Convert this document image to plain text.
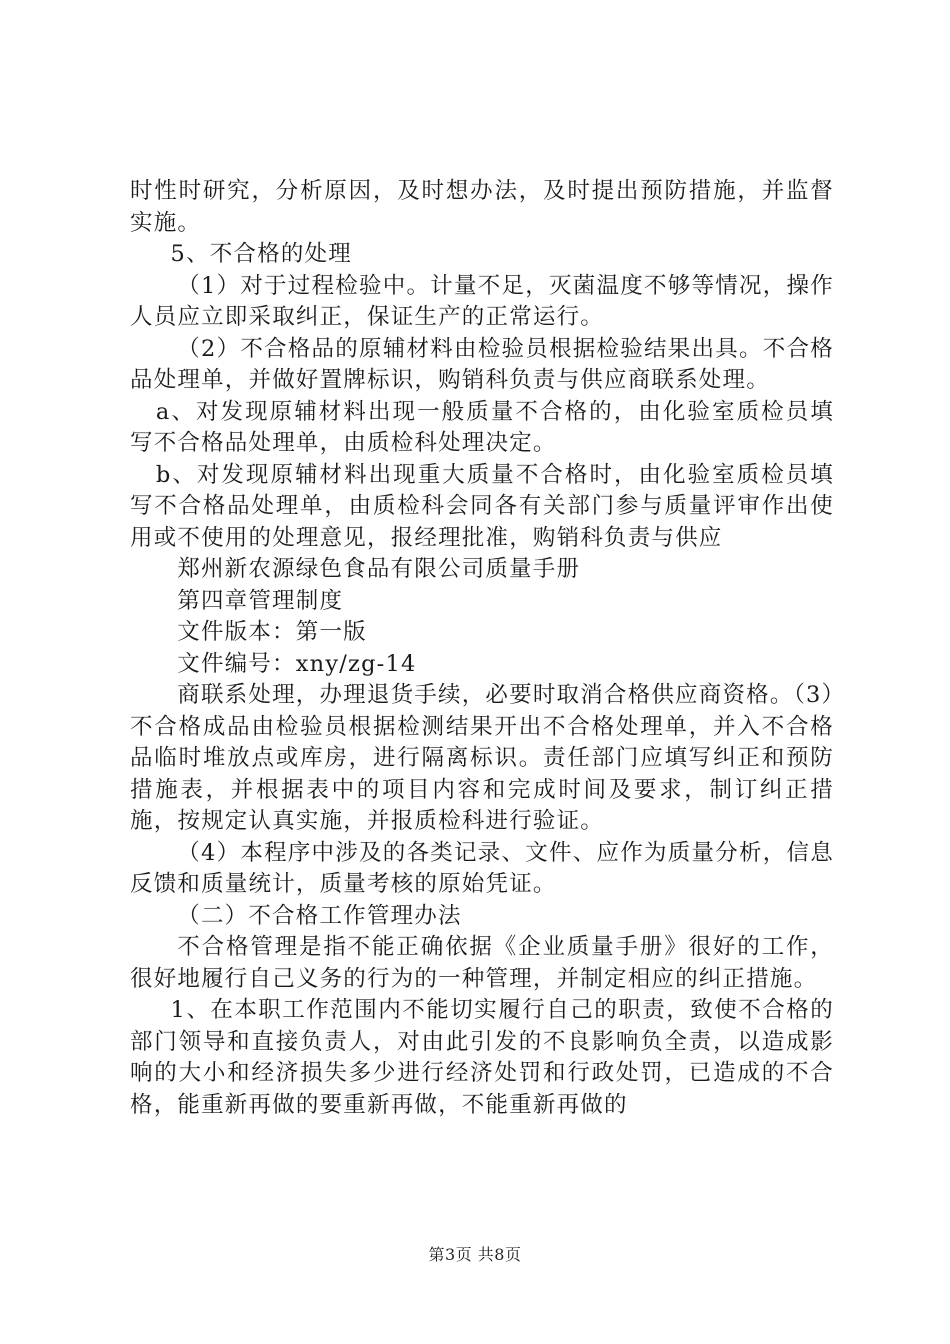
时性时研究，分析原因，及时想办法，及时提出预防措施，并监督实施。

5、不合格的处理

（1）对于过程检验中。计量不足，灭菌温度不够等情况，操作人员应立即采取纠正，保证生产的正常运行。

（2）不合格品的原辅材料由检验员根据检验结果出具。不合格品处理单，并做好置牌标识，购销科负责与供应商联系处理。

a、对发现原辅材料出现一般质量不合格的，由化验室质检员填写不合格品处理单，由质检科处理决定。

b、对发现原辅材料出现重大质量不合格时，由化验室质检员填写不合格品处理单，由质检科会同各有关部门参与质量评审作出使用或不使用的处理意见，报经理批准，购销科负责与供应

郑州新农源绿色食品有限公司质量手册

第四章管理制度

文件版本：第一版

文件编号：xny/zg-14

商联系处理，办理退货手续，必要时取消合格供应商资格。（3）不合格成品由检验员根据检测结果开出不合格处理单，并入不合格品临时堆放点或库房，进行隔离标识。责任部门应填写纠正和预防措施表，并根据表中的项目内容和完成时间及要求，制订纠正措施，按规定认真实施，并报质检科进行验证。

（4）本程序中涉及的各类记录、文件、应作为质量分析，信息反馈和质量统计，质量考核的原始凭证。

（二）不合格工作管理办法

不合格管理是指不能正确依据《企业质量手册》很好的工作，很好地履行自己义务的行为的一种管理，并制定相应的纠正措施。

1、在本职工作范围内不能切实履行自己的职责，致使不合格的部门领导和直接负责人，对由此引发的不良影响负全责，以造成影响的大小和经济损失多少进行经济处罚和行政处罚，已造成的不合格，能重新再做的要重新再做，不能重新再做的

第3页 共8页
